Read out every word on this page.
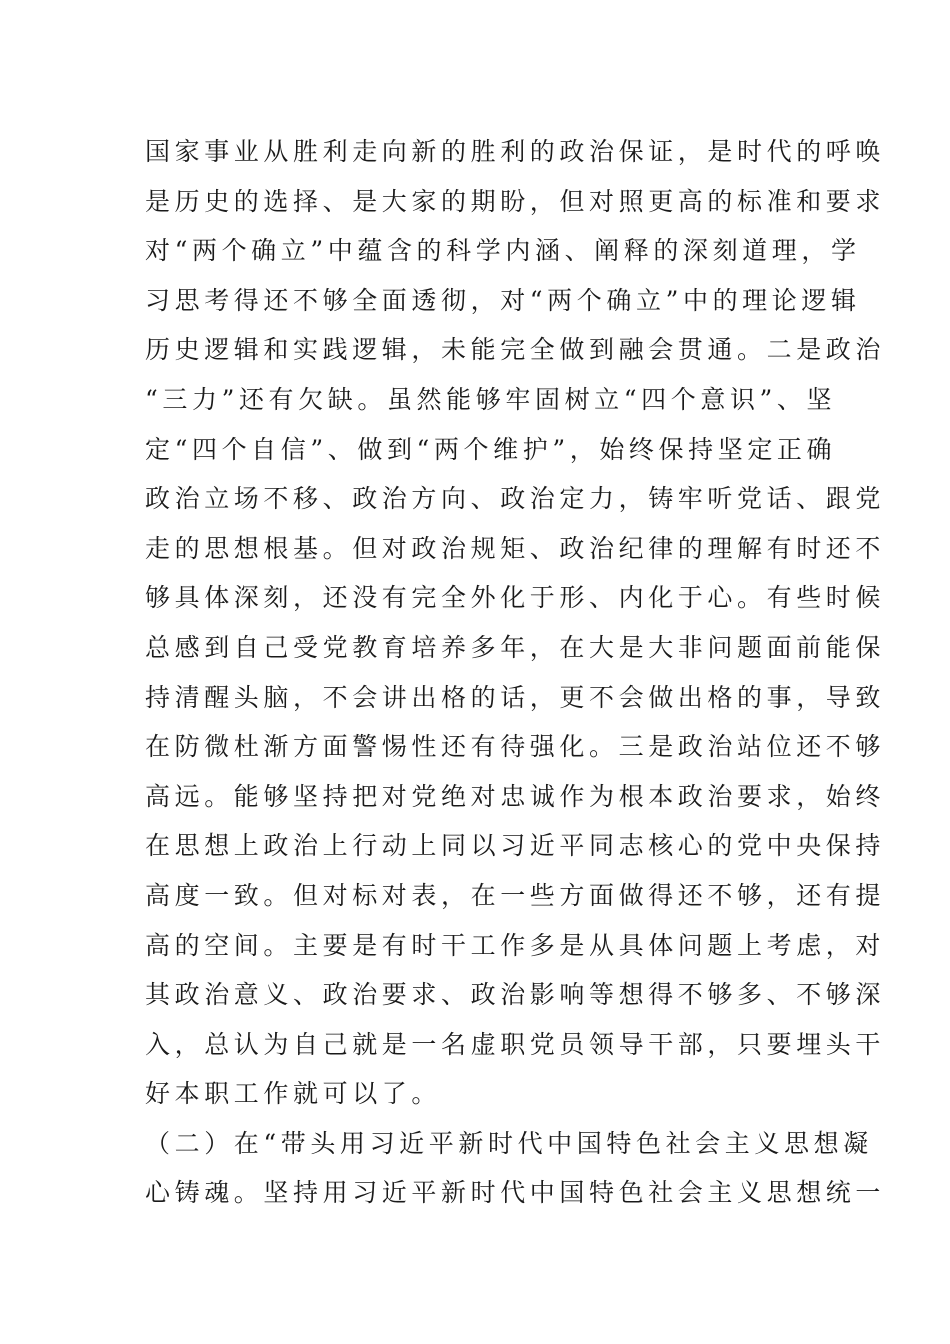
国家事业从胜利走向新的胜利的政治保证，是时代的呼唤
是历史的选择、是大家的期盼，但对照更高的标准和要求
对“两个确立”中蕴含的科学内涵、阐释的深刻道理，学
习思考得还不够全面透彻，对“两个确立”中的理论逻辑
历史逻辑和实践逻辑，未能完全做到融会贯通。二是政治
“三力”还有欠缺。虽然能够牢固树立“四个意识”、坚
定“四个自信”、做到“两个维护”，始终保持坚定正确
政治立场不移、政治方向、政治定力，铸牢听党话、跟党
走的思想根基。但对政治规矩、政治纪律的理解有时还不
够具体深刻，还没有完全外化于形、内化于心。有些时候
总感到自己受党教育培养多年，在大是大非问题面前能保
持清醒头脑，不会讲出格的话，更不会做出格的事，导致
在防微杜渐方面警惕性还有待强化。三是政治站位还不够
高远。能够坚持把对党绝对忠诚作为根本政治要求，始终
在思想上政治上行动上同以习近平同志核心的党中央保持
高度一致。但对标对表，在一些方面做得还不够，还有提
高的空间。主要是有时干工作多是从具体问题上考虑，对
其政治意义、政治要求、政治影响等想得不够多、不够深
入，总认为自己就是一名虚职党员领导干部，只要埋头干
好本职工作就可以了。
（二）在“带头用习近平新时代中国特色社会主义思想凝
心铸魂。坚持用习近平新时代中国特色社会主义思想统一
